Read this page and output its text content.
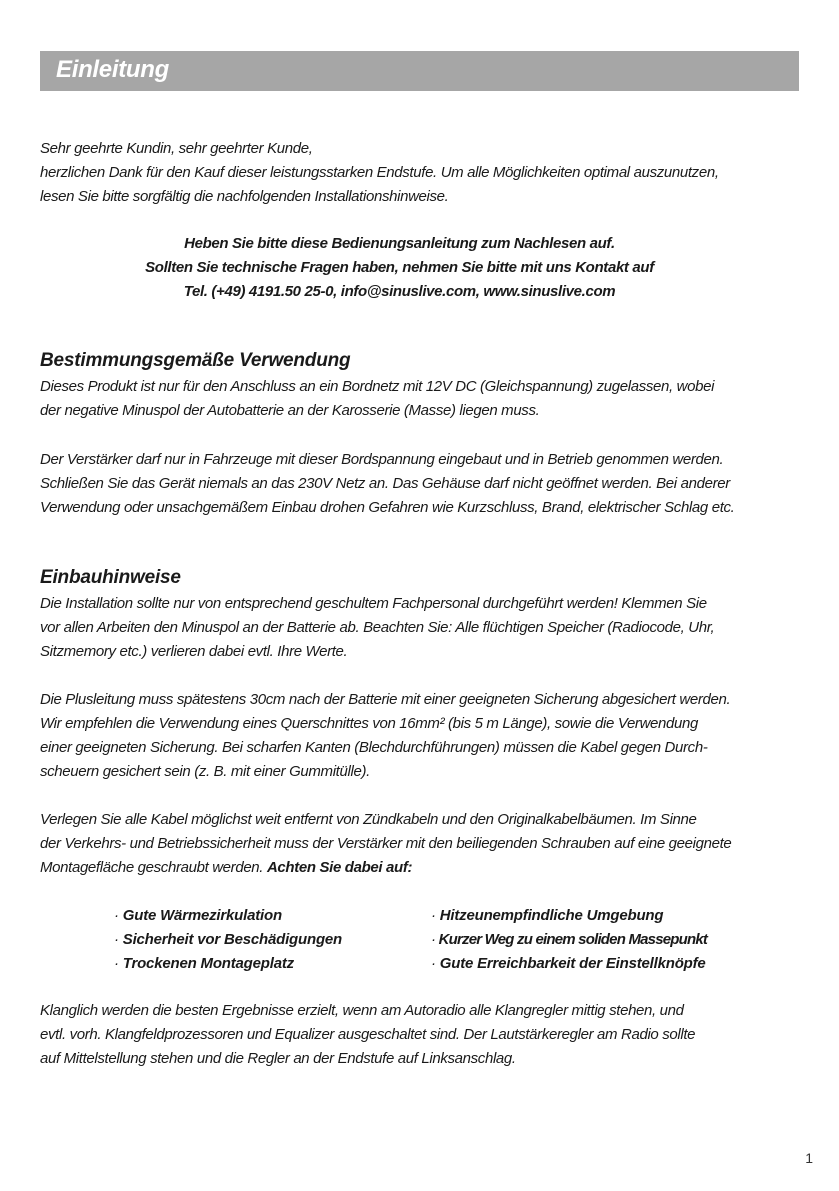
Einleitung
Sehr geehrte Kundin, sehr geehrter Kunde,
herzlichen Dank für den Kauf dieser leistungsstarken Endstufe. Um alle Möglichkeiten optimal auszunutzen,
lesen Sie bitte sorgfältig die nachfolgenden Installationshinweise.
Heben Sie bitte diese Bedienungsanleitung zum Nachlesen auf.
Sollten Sie technische Fragen haben, nehmen Sie bitte mit uns Kontakt auf
Tel. (+49) 4191.50 25-0, info@sinuslive.com, www.sinuslive.com
Bestimmungsgemäße Verwendung
Dieses Produkt ist nur für den Anschluss an ein Bordnetz mit 12V DC (Gleichspannung) zugelassen, wobei
der negative Minuspol der Autobatterie an der Karosserie (Masse) liegen muss.
Der Verstärker darf nur in Fahrzeuge mit dieser Bordspannung eingebaut und in Betrieb genommen werden.
Schließen Sie das Gerät niemals an das 230V Netz an. Das Gehäuse darf nicht geöffnet werden. Bei anderer
Verwendung oder unsachgemäßem Einbau drohen Gefahren wie Kurzschluss, Brand, elektrischer Schlag etc.
Einbauhinweise
Die Installation sollte nur von entsprechend geschultem Fachpersonal durchgeführt werden! Klemmen Sie
vor allen Arbeiten den Minuspol an der Batterie ab. Beachten Sie: Alle flüchtigen Speicher (Radiocode, Uhr,
Sitzmemory etc.) verlieren dabei evtl. Ihre Werte.
Die Plusleitung muss spätestens 30cm nach der Batterie mit einer geeigneten Sicherung abgesichert werden.
Wir empfehlen die Verwendung eines Querschnittes von 16mm² (bis 5 m Länge), sowie die Verwendung
einer geeigneten Sicherung. Bei scharfen Kanten (Blechdurchführungen) müssen die Kabel gegen Durch-
scheuern gesichert sein (z. B. mit einer Gummitülle).
Verlegen Sie alle Kabel möglichst weit entfernt von Zündkabeln und den Originalkabelbäumen. Im Sinne
der Verkehrs- und Betriebssicherheit muss der Verstärker mit den beiliegenden Schrauben auf eine geeignete
Montagefläche geschraubt werden. Achten Sie dabei auf:
· Gute Wärmezirkulation
· Sicherheit vor Beschädigungen
· Trockenen Montageplatz
· Hitzeunempfindliche Umgebung
· Kurzer Weg zu einem soliden Massepunkt
· Gute Erreichbarkeit der Einstellknöpfe
Klanglich werden die besten Ergebnisse erzielt, wenn am Autoradio alle Klangregler mittig stehen, und
evtl. vorh. Klangfeldprozessoren und Equalizer ausgeschaltet sind. Der Lautstärkeregler am Radio sollte
auf Mittelstellung stehen und die Regler an der Endstufe auf Linksanschlag.
1
